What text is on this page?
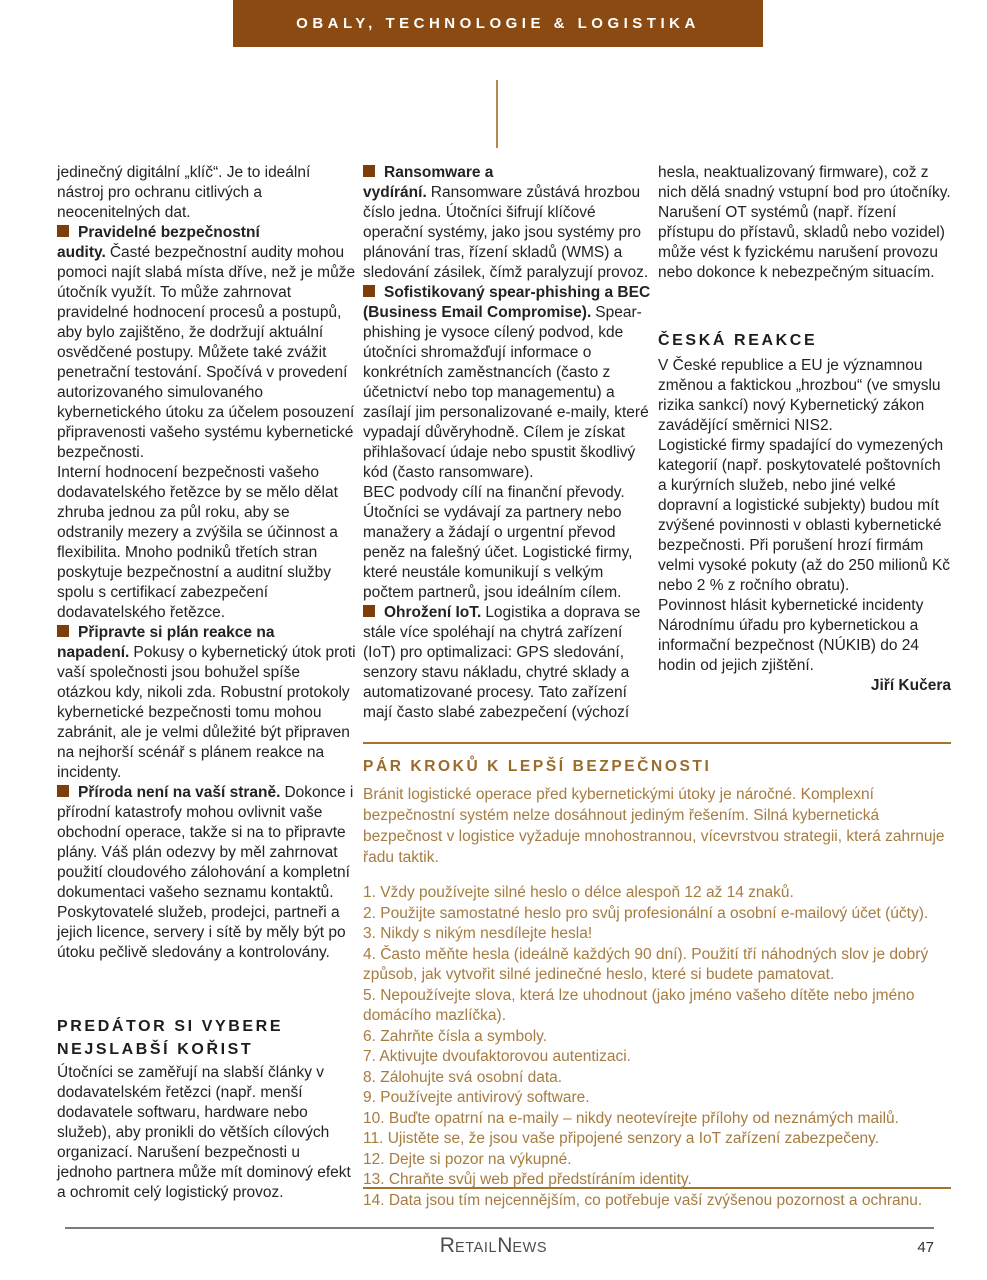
OBALY, TECHNOLOGIE & LOGISTIKA

jedinečný digitální „klíč“. Je to ideální nástroj pro ochranu citlivých a neocenitelných dat.

Pravidelné bezpečnostní audity. Časté bezpečnostní audity mohou pomoci najít slabá místa dříve, než je může útočník využít. To může zahrnovat pravidelné hodnocení procesů a postupů, aby bylo zajištěno, že dodržují aktuální osvědčené postupy. Můžete také zvážit penetrační testování. Spočívá v provedení autorizovaného simulovaného kybernetického útoku za účelem posouzení připravenosti vašeho systému kybernetické bezpečnosti.

Interní hodnocení bezpečnosti vašeho dodavatelského řetězce by se mělo dělat zhruba jednou za půl roku, aby se odstranily mezery a zvýšila se účinnost a flexibilita. Mnoho podniků třetích stran poskytuje bezpečnostní a auditní služby spolu s certifikací zabezpečení dodavatelského řetězce.

Připravte si plán reakce na napadení. Pokusy o kybernetický útok proti vaší společnosti jsou bohužel spíše otázkou kdy, nikoli zda. Robustní protokoly kybernetické bezpečnosti tomu mohou zabránit, ale je velmi důležité být připraven na nejhorší scénář s plánem reakce na incidenty.

Příroda není na vaší straně. Dokonce i přírodní katastrofy mohou ovlivnit vaše obchodní operace, takže si na to připravte plány. Váš plán odezvy by měl zahrnovat použití cloudového zálohování a kompletní dokumentaci vašeho seznamu kontaktů. Poskytovatelé služeb, prodejci, partneři a jejich licence, servery i sítě by měly být po útoku pečlivě sledovány a kontrolovány.

PREDÁTOR SI VYBERE
NEJSLABŠÍ KOŘIST

Útočníci se zaměřují na slabší články v dodavatelském řetězci (např. menší dodavatele softwaru, hardware nebo služeb), aby pronikli do větších cílových organizací. Narušení bezpečnosti u jednoho partnera může mít dominový efekt a ochromit celý logistický provoz.

Ransomware a vydírání. Ransomware zůstává hrozbou číslo jedna. Útočníci šifrují klíčové operační systémy, jako jsou systémy pro plánování tras, řízení skladů (WMS) a sledování zásilek, čímž paralyzují provoz.

Sofistikovaný spear-phishing a BEC (Business Email Compromise). Spear-phishing je vysoce cílený podvod, kde útočníci shromažďují informace o konkrétních zaměstnancích (často z účetnictví nebo top managementu) a zasílají jim personalizované e-maily, které vypadají důvěryhodně. Cílem je získat přihlašovací údaje nebo spustit škodlivý kód (často ransomware).

BEC podvody cílí na finanční převody. Útočníci se vydávají za partnery nebo manažery a žádají o urgentní převod peněz na falešný účet. Logistické firmy, které neustále komunikují s velkým počtem partnerů, jsou ideálním cílem.

Ohrožení IoT. Logistika a doprava se stále více spoléhají na chytrá zařízení (IoT) pro optimalizaci: GPS sledování, senzory stavu nákladu, chytré sklady a automatizované procesy. Tato zařízení mají často slabé zabezpečení (výchozí

hesla, neaktualizovaný firmware), což z nich dělá snadný vstupní bod pro útočníky. Narušení OT systémů (např. řízení přístupu do přístavů, skladů nebo vozidel) může vést k fyzickému narušení provozu nebo dokonce k nebezpečným situacím.

ČESKÁ REAKCE

V České republice a EU je významnou změnou a faktickou „hrozbou“ (ve smyslu rizika sankcí) nový Kybernetický zákon zavádějící směrnici NIS2.

Logistické firmy spadající do vymezených kategorií (např. poskytovatelé poštovních a kurýrních služeb, nebo jiné velké dopravní a logistické subjekty) budou mít zvýšené povinnosti v oblasti kybernetické bezpečnosti. Při porušení hrozí firmám velmi vysoké pokuty (až do 250 milionů Kč nebo 2 % z ročního obratu).

Povinnost hlásit kybernetické incidenty Národnímu úřadu pro kybernetickou a informační bezpečnost (NÚKIB) do 24 hodin od jejich zjištění.

Jiří Kučera

PÁR KROKŮ K LEPŠÍ BEZPEČNOSTI
Bránit logistické operace před kybernetickými útoky je náročné. Komplexní bezpečnostní systém nelze dosáhnout jediným řešením. Silná kybernetická bezpečnost v logistice vyžaduje mnohostrannou, vícevrstvou strategii, která zahrnuje řadu taktik.
1. Vždy používejte silné heslo o délce alespoň 12 až 14 znaků.
2. Použijte samostatné heslo pro svůj profesionální a osobní e-mailový účet (účty).
3. Nikdy s nikým nesdílejte hesla!
4. Často měňte hesla (ideálně každých 90 dní). Použití tří náhodných slov je dobrý způsob, jak vytvořit silné jedinečné heslo, které si budete pamatovat.
5. Nepoužívejte slova, která lze uhodnout (jako jméno vašeho dítěte nebo jméno domácího mazlíčka).
6. Zahrňte čísla a symboly.
7. Aktivujte dvoufaktorovou autentizaci.
8. Zálohujte svá osobní data.
9. Používejte antivirový software.
10. Buďte opatrní na e-maily – nikdy neotevírejte přílohy od neznámých mailů.
11. Ujistěte se, že jsou vaše připojené senzory a IoT zařízení zabezpečeny.
12. Dejte si pozor na výkupné.
13. Chraňte svůj web před předstíráním identity.
14. Data jsou tím nejcennějším, co potřebuje vaší zvýšenou pozornost a ochranu.
RETAILNEWS	47
